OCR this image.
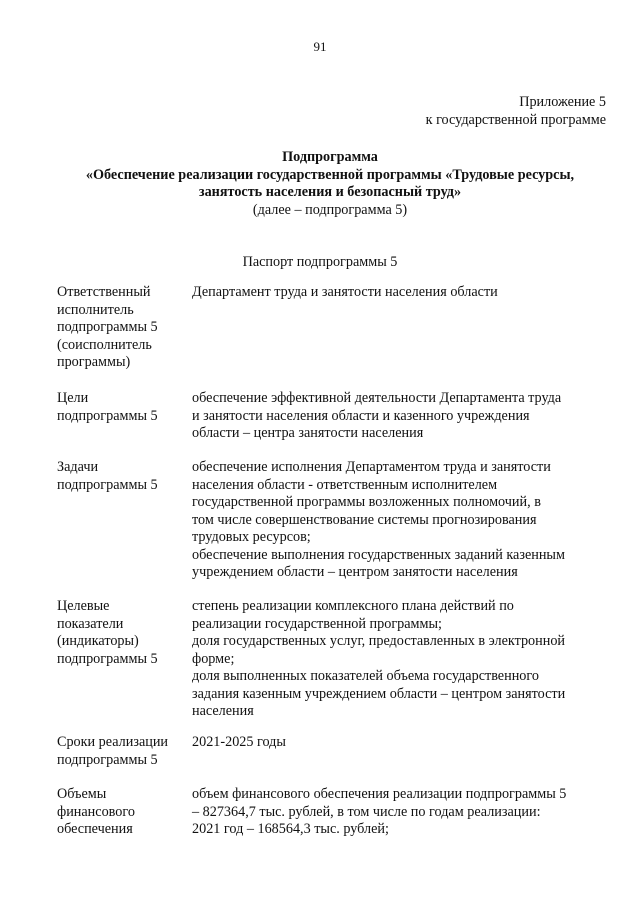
91
Приложение 5
к государственной программе
Подпрограмма
«Обеспечение реализации государственной программы «Трудовые ресурсы,
занятость населения и безопасный труд»
(далее – подпрограмма 5)
Паспорт подпрограммы 5
Ответственный
исполнитель
подпрограммы 5
(соисполнитель
программы)
Департамент труда и занятости населения области
Цели
подпрограммы 5
обеспечение эффективной деятельности Департамента труда
и занятости населения области и казенного учреждения
области – центра занятости населения
Задачи
подпрограммы 5
обеспечение исполнения Департаментом труда и занятости
населения области - ответственным исполнителем
государственной программы возложенных полномочий, в
том числе совершенствование системы прогнозирования
трудовых ресурсов;
обеспечение выполнения государственных заданий казенным
учреждением области – центром занятости населения
Целевые
показатели
(индикаторы)
подпрограммы 5
степень реализации комплексного плана действий по
реализации государственной программы;
доля государственных услуг, предоставленных в электронной
форме;
доля выполненных показателей объема государственного
задания казенным учреждением области – центром занятости
населения
Сроки реализации
подпрограммы 5
2021-2025 годы
Объемы
финансового
обеспечения
объем финансового обеспечения реализации подпрограммы 5
– 827364,7 тыс. рублей, в том числе по годам реализации:
2021 год – 168564,3 тыс. рублей;
